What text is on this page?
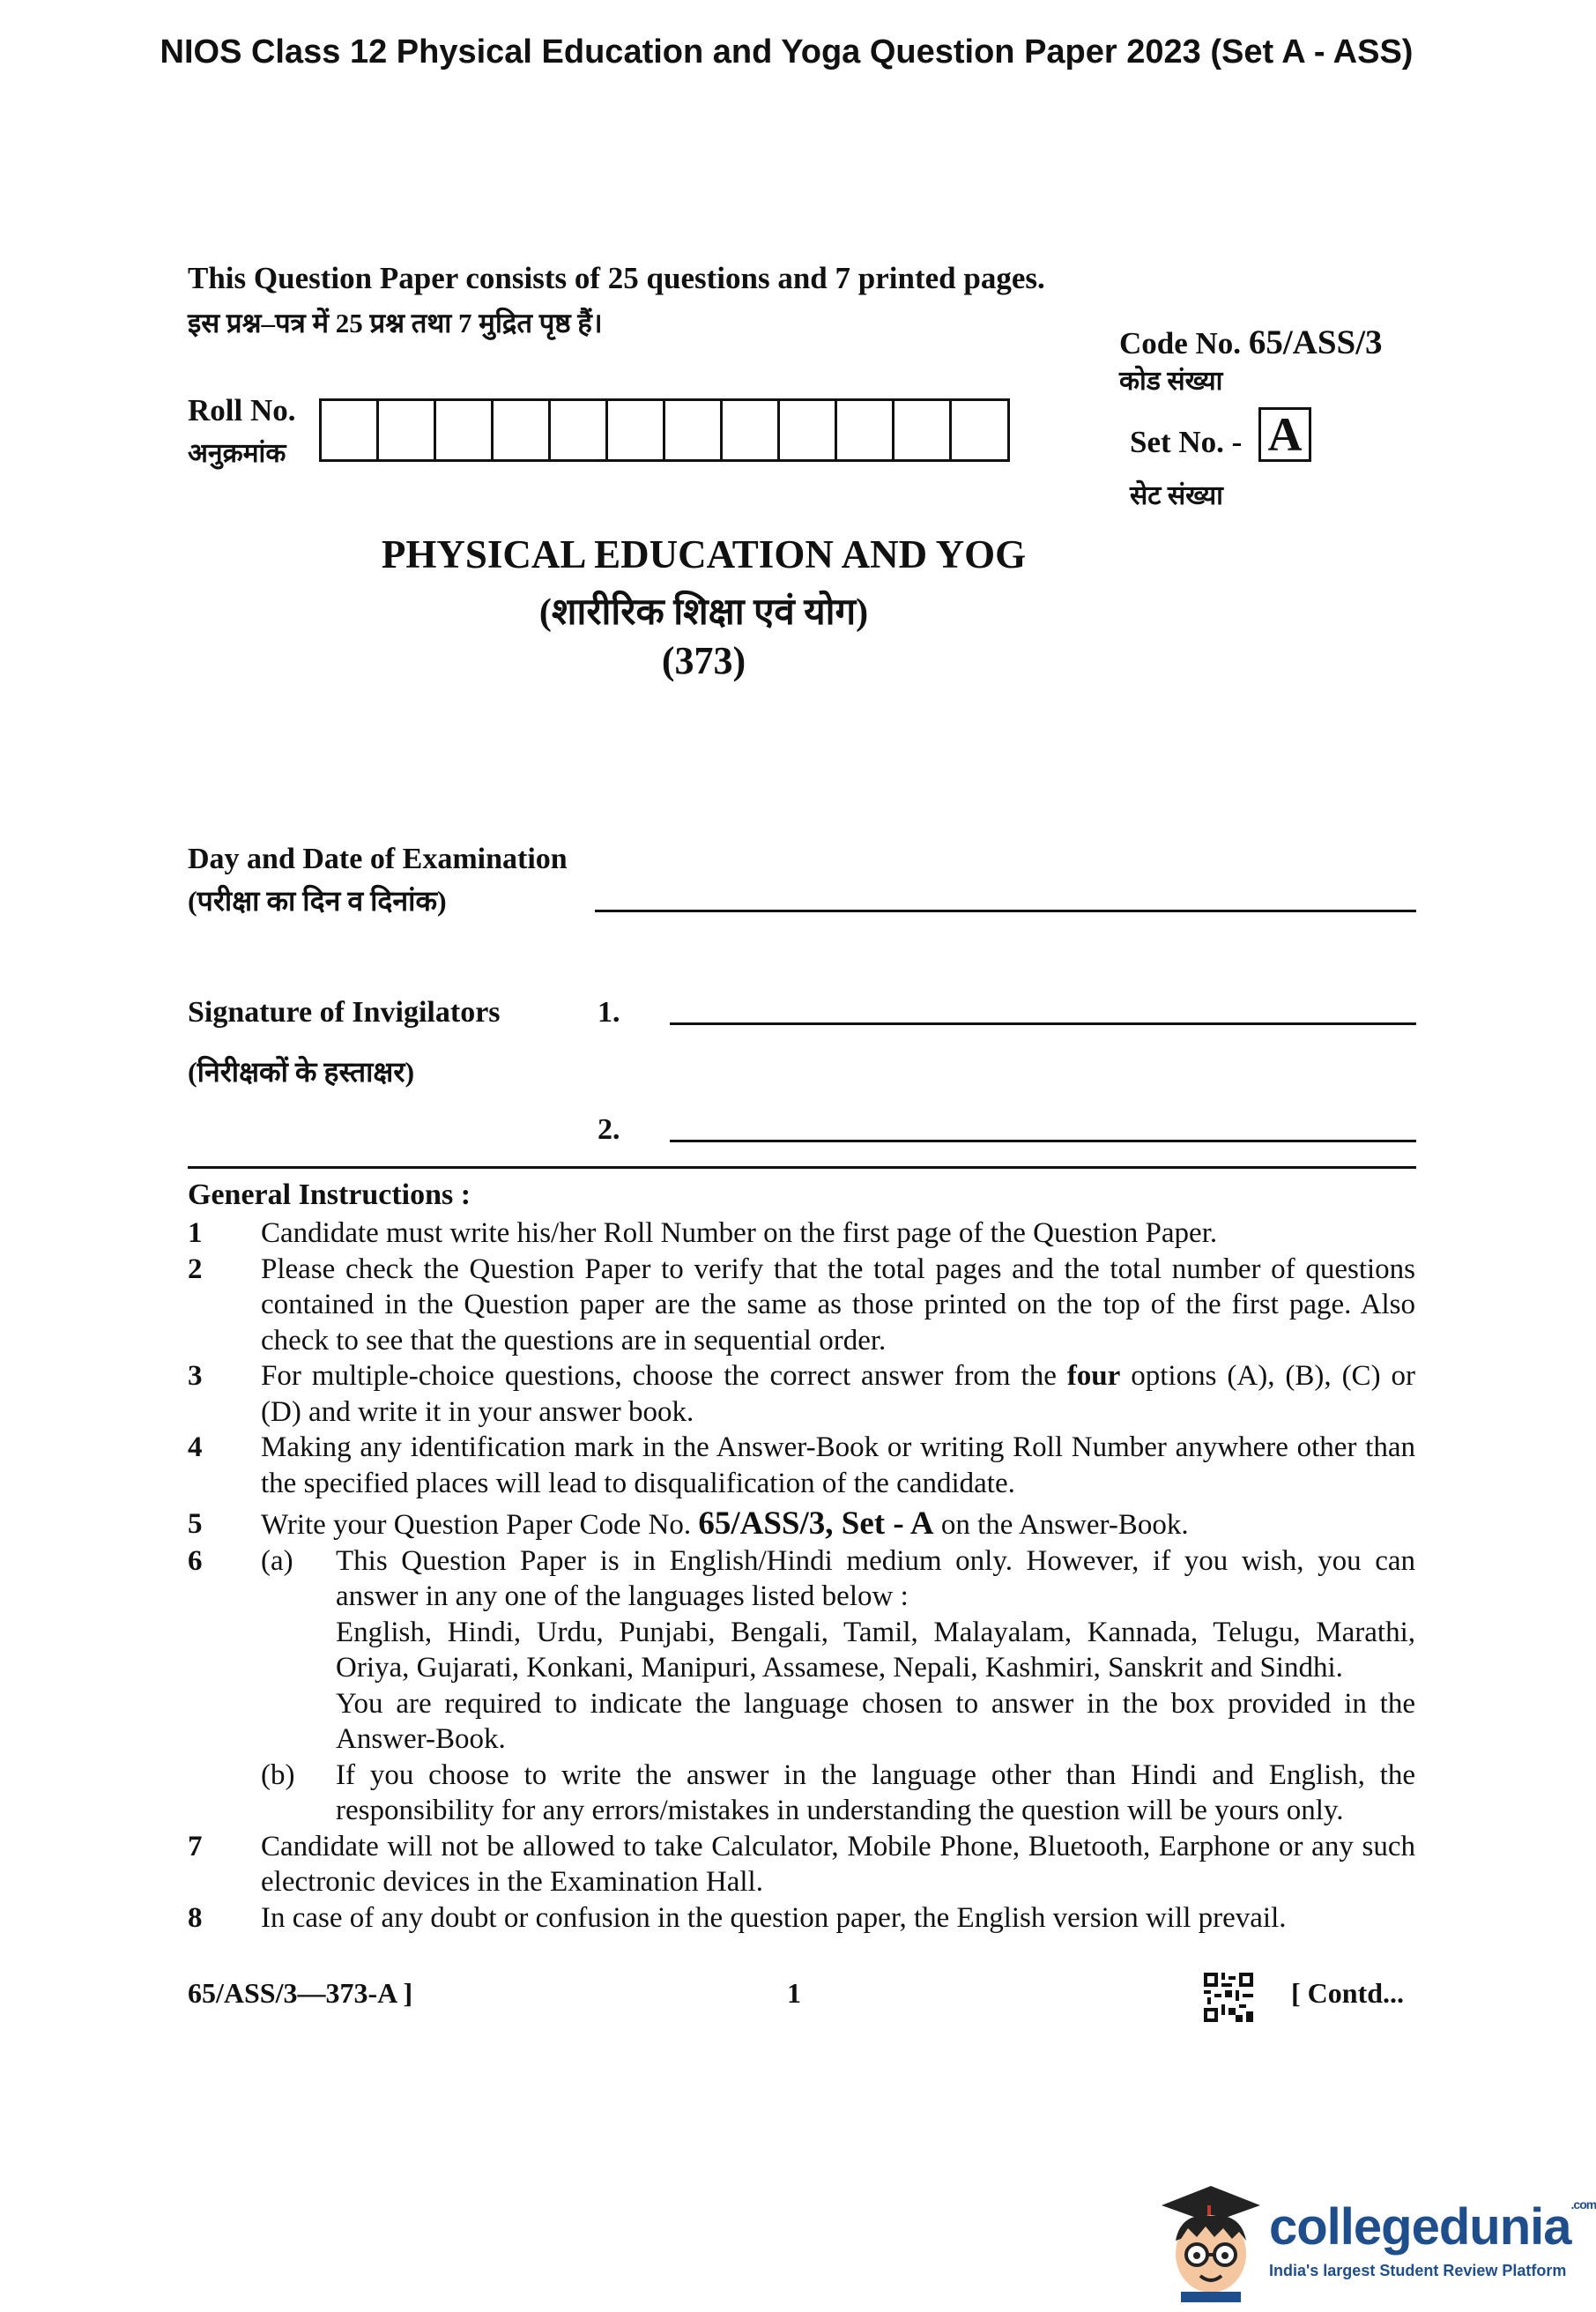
NIOS Class 12 Physical Education and Yoga Question Paper 2023 (Set A - ASS)
This Question Paper consists of 25 questions and 7 printed pages.
इस प्रश्न–पत्र में 25 प्रश्न तथा 7 मुद्रित पृष्ठ हैं।
Code No. 65/ASS/3
कोड संख्या
Roll No.
अनुक्रमांक	Set No. - A
सेट संख्या
PHYSICAL EDUCATION AND YOG
(शारीरिक शिक्षा एवं योग)
(373)
Day and Date of Examination
(परीक्षा का दिन व दिनांक)
Signature of Invigilators
(निरीक्षकों के हस्ताक्षर)
1.
2.
General Instructions :
1	Candidate must write his/her Roll Number on the first page of the Question Paper.
2	Please check the Question Paper to verify that the total pages and the total number of questions contained in the Question paper are the same as those printed on the top of the first page. Also check to see that the questions are in sequential order.
3	For multiple-choice questions, choose the correct answer from the four options (A), (B), (C) or (D) and write it in your answer book.
4	Making any identification mark in the Answer-Book or writing Roll Number anywhere other than the specified places will lead to disqualification of the candidate.
5	Write your Question Paper Code No. 65/ASS/3, Set - A on the Answer-Book.
6	(a)	This Question Paper is in English/Hindi medium only. However, if you wish, you can answer in any one of the languages listed below :
English, Hindi, Urdu, Punjabi, Bengali, Tamil, Malayalam, Kannada, Telugu, Marathi, Oriya, Gujarati, Konkani, Manipuri, Assamese, Nepali, Kashmiri, Sanskrit and Sindhi.
You are required to indicate the language chosen to answer in the box provided in the Answer-Book.
(b)	If you choose to write the answer in the language other than Hindi and English, the responsibility for any errors/mistakes in understanding the question will be yours only.
7	Candidate will not be allowed to take Calculator, Mobile Phone, Bluetooth, Earphone or any such electronic devices in the Examination Hall.
8	In case of any doubt or confusion in the question paper, the English version will prevail.
65/ASS/3—373-A ]	1	[ Contd...
collegedunia$^{.com}$
India's largest Student Review Platform
